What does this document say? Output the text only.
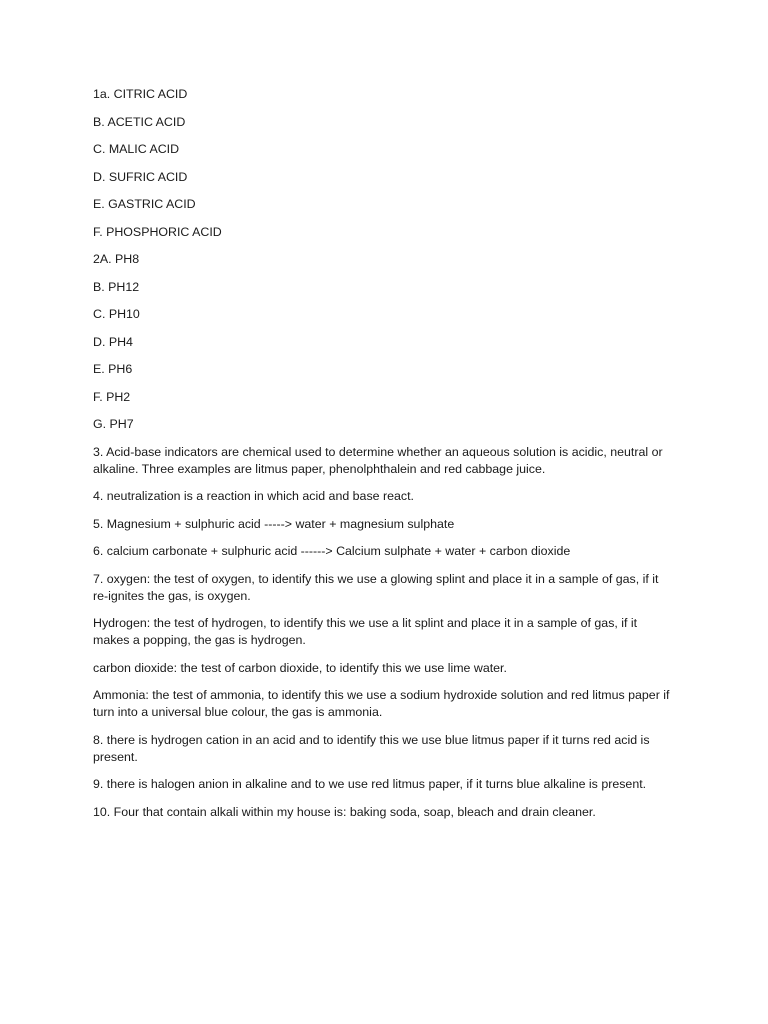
1a. CITRIC ACID

B. ACETIC ACID

C. MALIC ACID

D. SUFRIC ACID

E. GASTRIC ACID

F. PHOSPHORIC ACID

2A. PH8

B. PH12

C. PH10

D. PH4

E. PH6

F. PH2

G. PH7

3. Acid-base indicators are chemical used to determine whether an aqueous solution is acidic, neutral or alkaline. Three examples are litmus paper, phenolphthalein and red cabbage juice.

4. neutralization is a reaction in which acid and base react.

5. Magnesium + sulphuric acid -----> water + magnesium sulphate

6. calcium carbonate + sulphuric acid ------> Calcium sulphate + water + carbon dioxide

7. oxygen: the test of oxygen, to identify this we use a glowing splint and place it in a sample of gas, if it re-ignites the gas, is oxygen.

Hydrogen: the test of hydrogen, to identify this we use a lit splint and place it in a sample of gas, if it makes a popping, the gas is hydrogen.

carbon dioxide: the test of carbon dioxide, to identify this we use lime water.

Ammonia: the test of ammonia, to identify this we use a sodium hydroxide solution and red litmus paper if turn into a universal blue colour, the gas is ammonia.

8. there is hydrogen cation in an acid and to identify this we use blue litmus paper if it turns red acid is present.

9. there is halogen anion in alkaline and to we use red litmus paper, if it turns blue alkaline is present.

10. Four that contain alkali within my house is: baking soda, soap, bleach and drain cleaner.
